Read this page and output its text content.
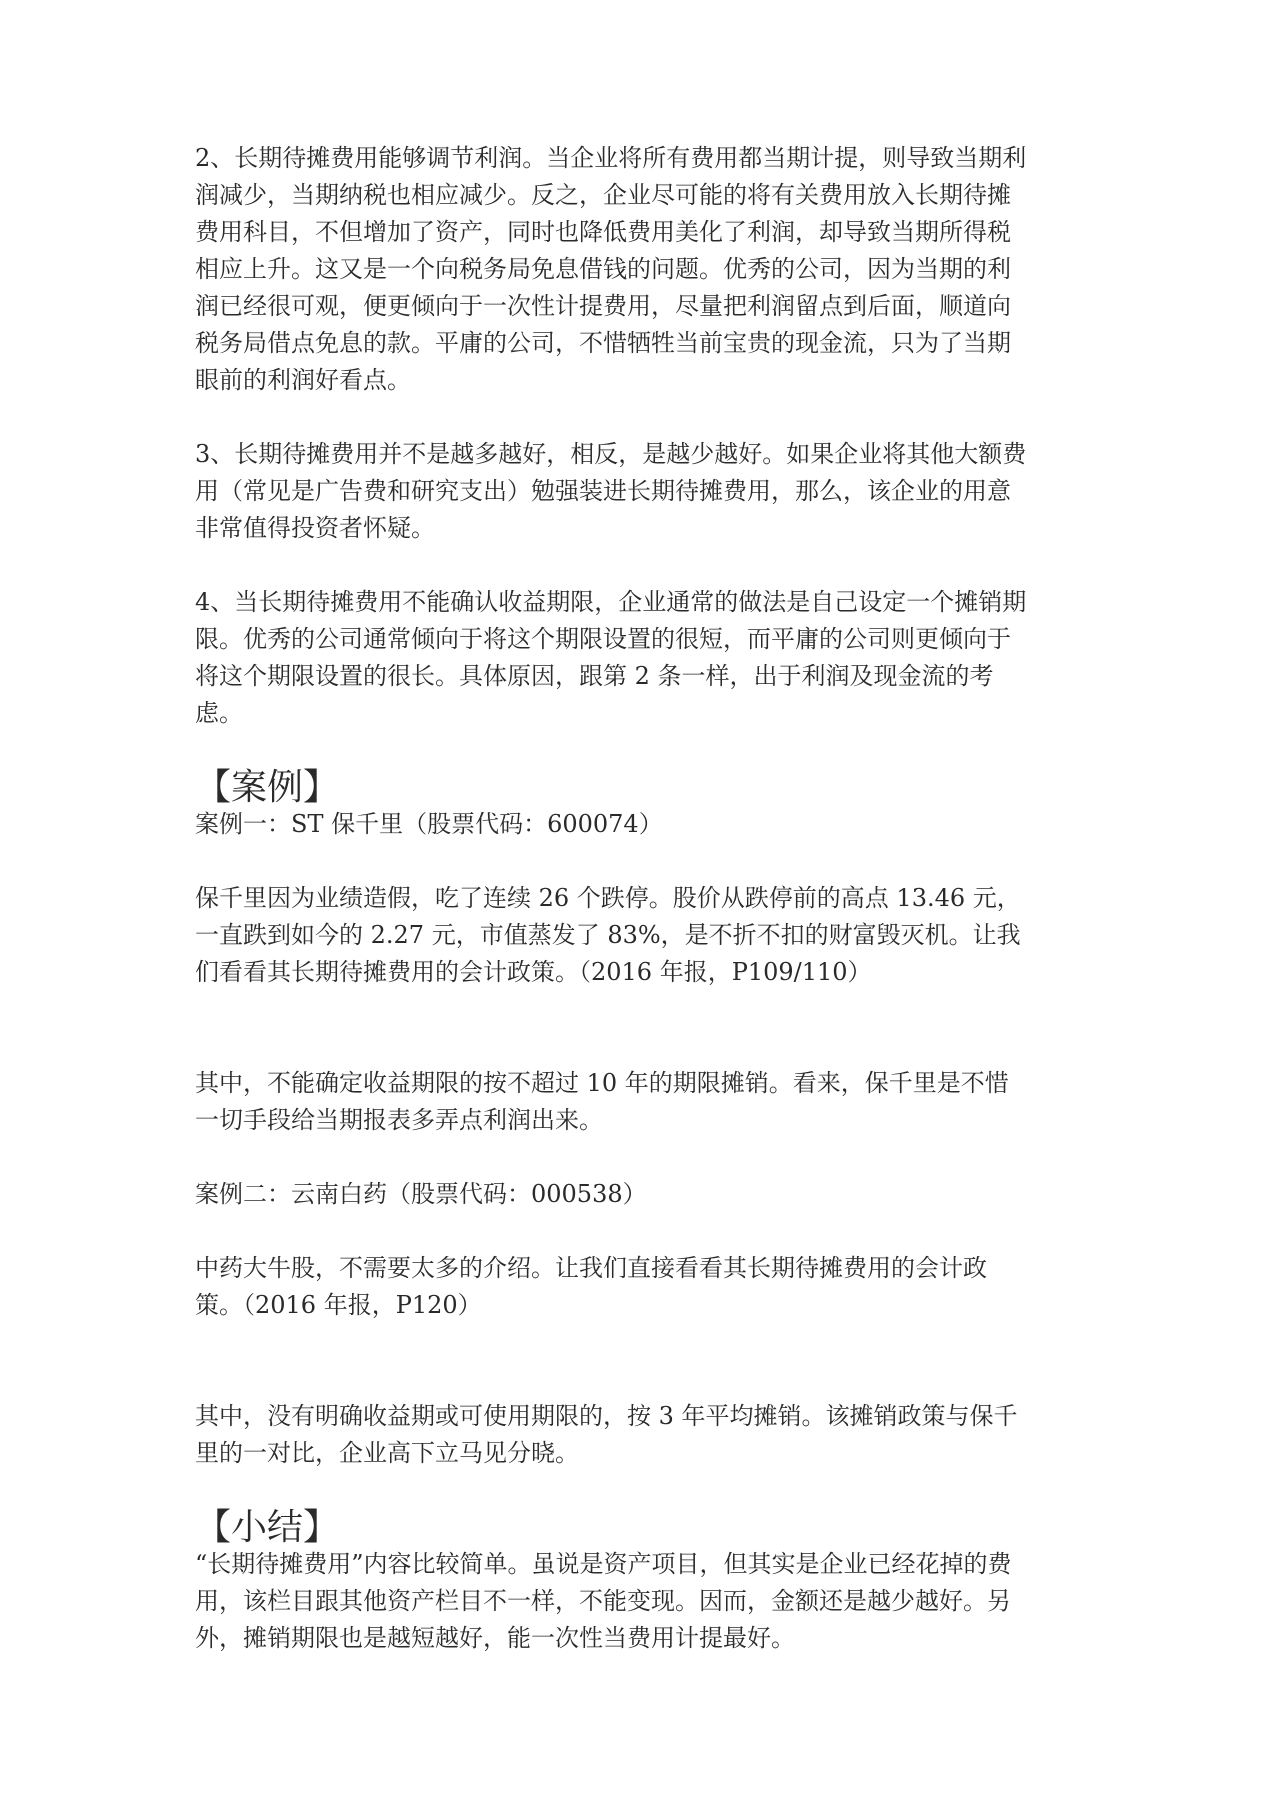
2、长期待摊费用能够调节利润。当企业将所有费用都当期计提，则导致当期利
润减少，当期纳税也相应减少。反之，企业尽可能的将有关费用放入长期待摊
费用科目，不但增加了资产，同时也降低费用美化了利润，却导致当期所得税
相应上升。这又是一个向税务局免息借钱的问题。优秀的公司，因为当期的利
润已经很可观，便更倾向于一次性计提费用，尽量把利润留点到后面，顺道向
税务局借点免息的款。平庸的公司，不惜牺牲当前宝贵的现金流，只为了当期
眼前的利润好看点。

3、长期待摊费用并不是越多越好，相反，是越少越好。如果企业将其他大额费
用（常见是广告费和研究支出）勉强装进长期待摊费用，那么，该企业的用意
非常值得投资者怀疑。

4、当长期待摊费用不能确认收益期限，企业通常的做法是自己设定一个摊销期
限。优秀的公司通常倾向于将这个期限设置的很短，而平庸的公司则更倾向于
将这个期限设置的很长。具体原因，跟第 2 条一样，出于利润及现金流的考
虑。

【案例】

案例一：ST 保千里（股票代码：600074）

保千里因为业绩造假，吃了连续 26 个跌停。股价从跌停前的高点 13.46 元，
一直跌到如今的 2.27 元，市值蒸发了 83%，是不折不扣的财富毁灭机。让我
们看看其长期待摊费用的会计政策。（2016 年报，P109/110）

其中，不能确定收益期限的按不超过 10 年的期限摊销。看来，保千里是不惜
一切手段给当期报表多弄点利润出来。

案例二：云南白药（股票代码：000538）

中药大牛股，不需要太多的介绍。让我们直接看看其长期待摊费用的会计政
策。（2016 年报，P120）

其中，没有明确收益期或可使用期限的，按 3 年平均摊销。该摊销政策与保千
里的一对比，企业高下立马见分晓。

【小结】

“长期待摊费用”内容比较简单。虽说是资产项目，但其实是企业已经花掉的费
用，该栏目跟其他资产栏目不一样，不能变现。因而，金额还是越少越好。另
外，摊销期限也是越短越好，能一次性当费用计提最好。
